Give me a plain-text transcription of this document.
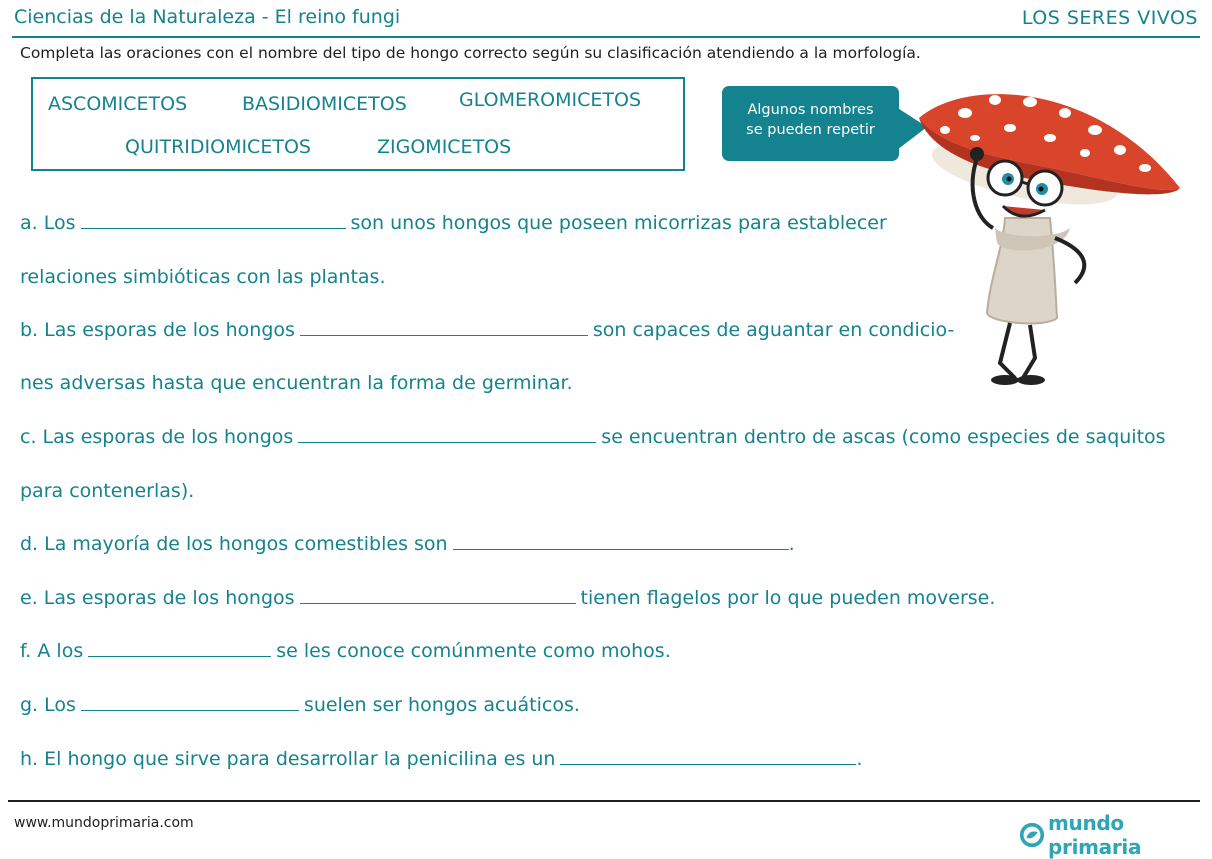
Ciencias de la Naturaleza - El reino fungi	LOS SERES VIVOS
Completa las oraciones con el nombre del tipo de hongo correcto según su clasificación atendiendo a la morfología.
ASCOMICETOS	BASIDIOMICETOS	GLOMEROMICETOS
QUITRIDIOMICETOS	ZIGOMICETOS
Algunos nombres
se pueden repetir
a. Los	son unos hongos que poseen micorrizas para establecer
relaciones simbióticas con las plantas.
b. Las esporas de los hongos	son capaces de aguantar en condicio-
nes adversas hasta que encuentran la forma de germinar.
c. Las esporas de los hongos	se encuentran dentro de ascas (como especies de saquitos
para contenerlas).
d. La mayoría de los hongos comestibles son	.
e. Las esporas de los hongos	tienen flagelos por lo que pueden moverse.
f. A los	se les conoce comúnmente como mohos.
g. Los	suelen ser hongos acuáticos.
h. El hongo que sirve para desarrollar la penicilina es un	.
www.mundoprimaria.com	mundo primaria
